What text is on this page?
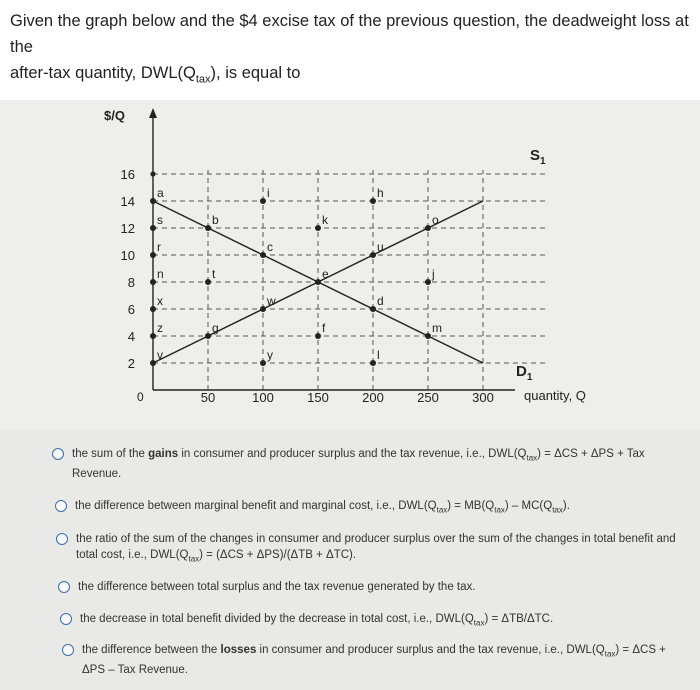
Given the graph below and the $4 excise tax of the previous question, the deadweight loss at the
after-tax quantity, $DWL(Q_{tax})$, is equal to
$/Q
quantity, Q
0
2
4
6
8
10
12
14
16
50	100	150	200	250	300
$S_1$
$D_1$
a
s
r
n
x
z
v
b
t
g
i
c
w
y
k
e
f
h
u
d
l
o
j
m
the sum of the gains in consumer and producer surplus and the tax revenue, i.e., $DWL(Q_{tax}) = \Delta CS + \Delta PS$ + Tax Revenue.
the difference between marginal benefit and marginal cost, i.e., $DWL(Q_{tax}) = MB(Q_{tax}) - MC(Q_{tax})$.
the ratio of the sum of the changes in consumer and producer surplus over the sum of the changes in total benefit and total cost, i.e., $DWL(Q_{tax}) = (\Delta CS + \Delta PS)/(\Delta TB + \Delta TC)$.
the difference between total surplus and the tax revenue generated by the tax.
the decrease in total benefit divided by the decrease in total cost, i.e., $DWL(Q_{tax}) = \Delta TB/\Delta TC$.
the difference between the losses in consumer and producer surplus and the tax revenue, i.e., $DWL(Q_{tax}) = \Delta CS + \Delta PS$ – Tax Revenue.
